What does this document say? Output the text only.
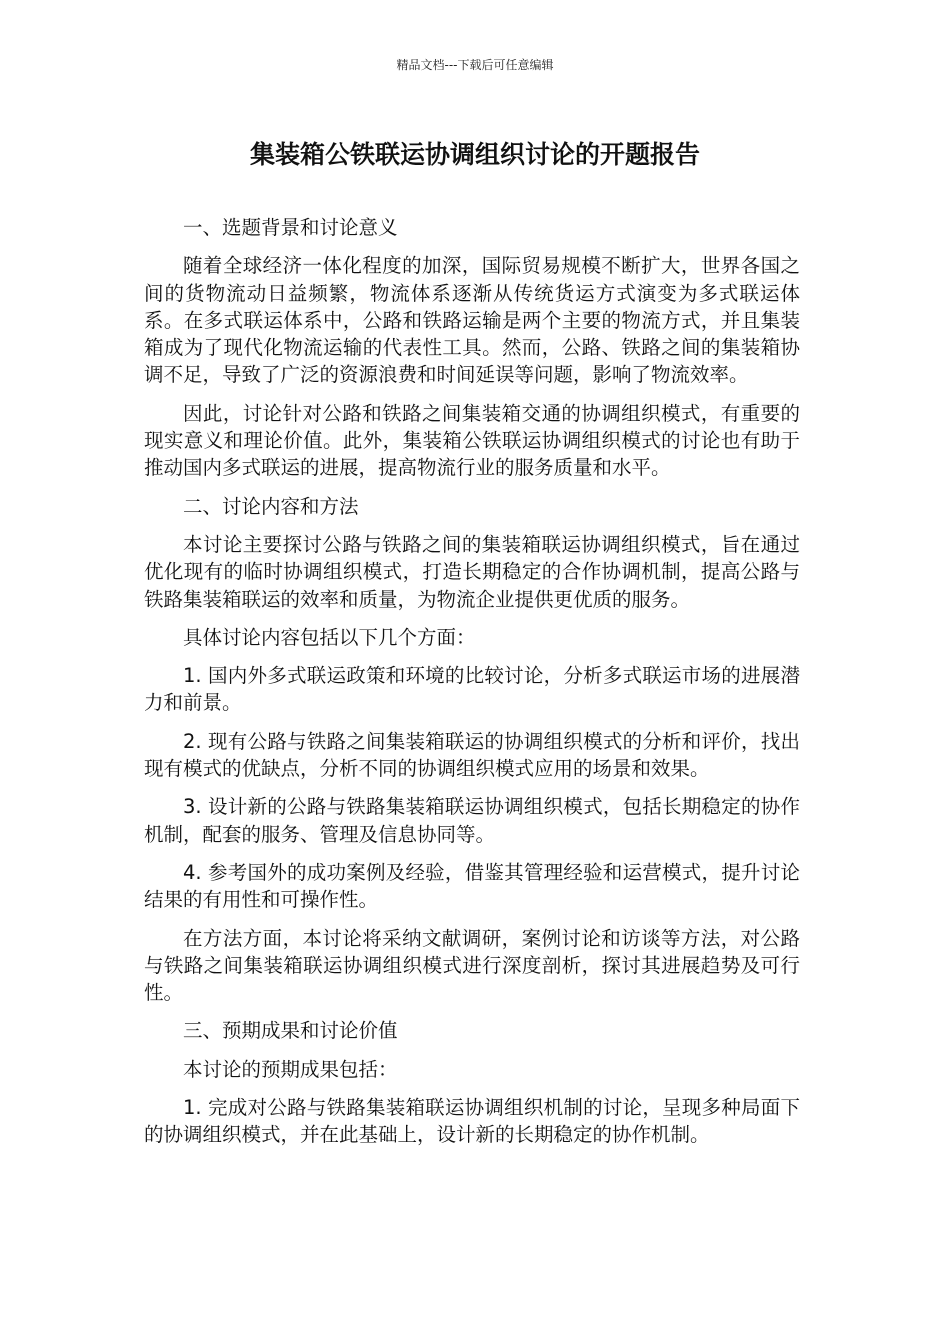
精品文档---下载后可任意编辑
集装箱公铁联运协调组织讨论的开题报告

一、选题背景和讨论意义

随着全球经济一体化程度的加深，国际贸易规模不断扩大，世界各国之间的货物流动日益频繁，物流体系逐渐从传统货运方式演变为多式联运体系。在多式联运体系中，公路和铁路运输是两个主要的物流方式，并且集装箱成为了现代化物流运输的代表性工具。然而，公路、铁路之间的集装箱协调不足，导致了广泛的资源浪费和时间延误等问题，影响了物流效率。

因此，讨论针对公路和铁路之间集装箱交通的协调组织模式，有重要的现实意义和理论价值。此外，集装箱公铁联运协调组织模式的讨论也有助于推动国内多式联运的进展，提高物流行业的服务质量和水平。

二、讨论内容和方法

本讨论主要探讨公路与铁路之间的集装箱联运协调组织模式，旨在通过优化现有的临时协调组织模式，打造长期稳定的合作协调机制，提高公路与铁路集装箱联运的效率和质量，为物流企业提供更优质的服务。

具体讨论内容包括以下几个方面：

1. 国内外多式联运政策和环境的比较讨论，分析多式联运市场的进展潜力和前景。

2. 现有公路与铁路之间集装箱联运的协调组织模式的分析和评价，找出现有模式的优缺点，分析不同的协调组织模式应用的场景和效果。

3. 设计新的公路与铁路集装箱联运协调组织模式，包括长期稳定的协作机制，配套的服务、管理及信息协同等。

4. 参考国外的成功案例及经验，借鉴其管理经验和运营模式，提升讨论结果的有用性和可操作性。

在方法方面，本讨论将采纳文献调研，案例讨论和访谈等方法，对公路与铁路之间集装箱联运协调组织模式进行深度剖析，探讨其进展趋势及可行性。

三、预期成果和讨论价值

本讨论的预期成果包括：

1. 完成对公路与铁路集装箱联运协调组织机制的讨论，呈现多种局面下的协调组织模式，并在此基础上，设计新的长期稳定的协作机制。
